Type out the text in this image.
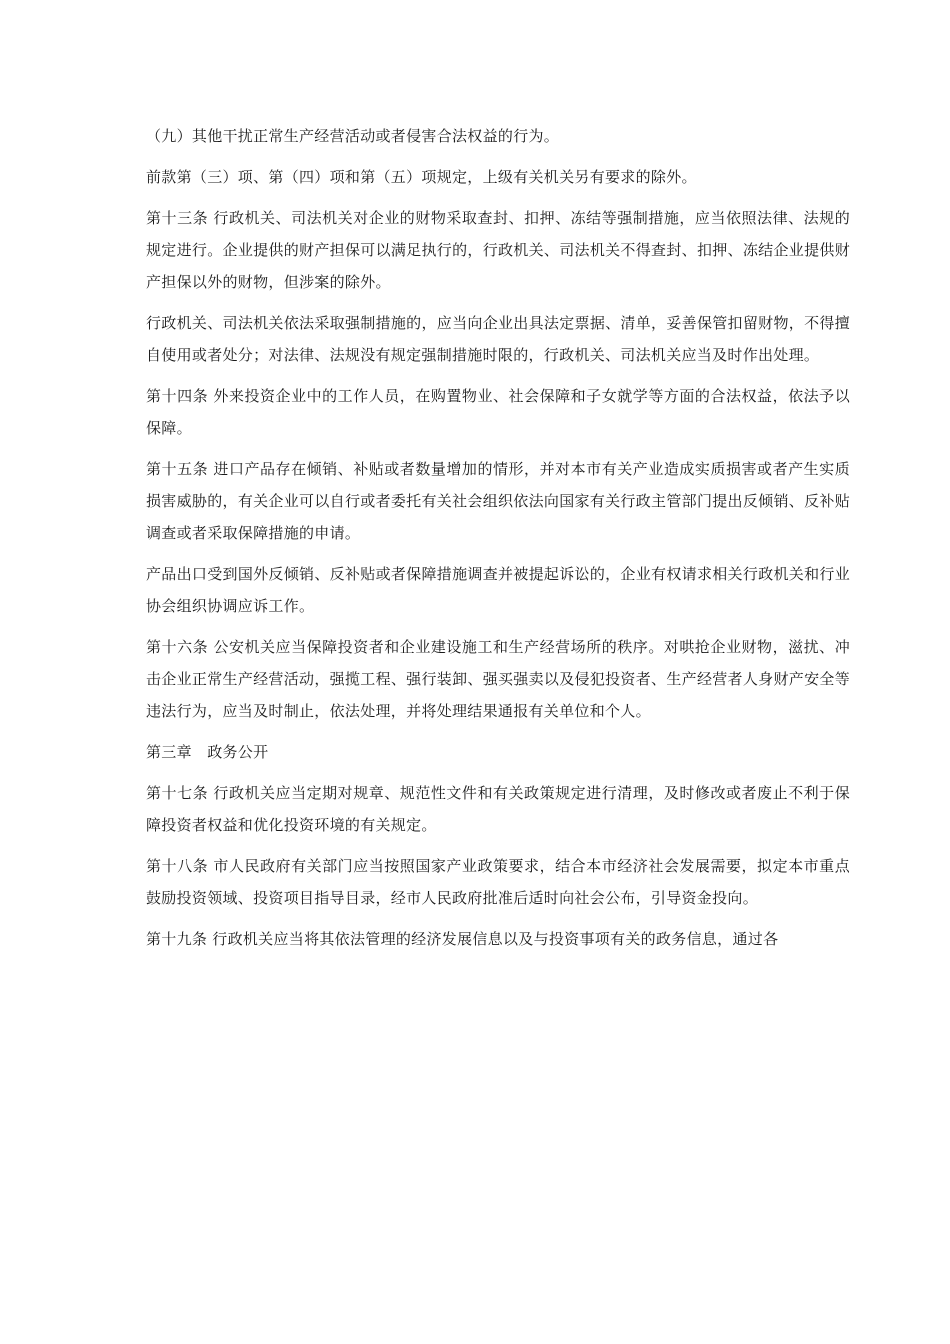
（九）其他干扰正常生产经营活动或者侵害合法权益的行为。

前款第（三）项、第（四）项和第（五）项规定，上级有关机关另有要求的除外。

第十三条 行政机关、司法机关对企业的财物采取查封、扣押、冻结等强制措施，应当依照法律、法规的规定进行。企业提供的财产担保可以满足执行的，行政机关、司法机关不得查封、扣押、冻结企业提供财产担保以外的财物，但涉案的除外。

行政机关、司法机关依法采取强制措施的，应当向企业出具法定票据、清单，妥善保管扣留财物，不得擅自使用或者处分；对法律、法规没有规定强制措施时限的，行政机关、司法机关应当及时作出处理。

第十四条 外来投资企业中的工作人员，在购置物业、社会保障和子女就学等方面的合法权益，依法予以保障。

第十五条 进口产品存在倾销、补贴或者数量增加的情形，并对本市有关产业造成实质损害或者产生实质损害威胁的，有关企业可以自行或者委托有关社会组织依法向国家有关行政主管部门提出反倾销、反补贴调查或者采取保障措施的申请。

产品出口受到国外反倾销、反补贴或者保障措施调查并被提起诉讼的，企业有权请求相关行政机关和行业协会组织协调应诉工作。

第十六条 公安机关应当保障投资者和企业建设施工和生产经营场所的秩序。对哄抢企业财物，滋扰、冲击企业正常生产经营活动，强揽工程、强行装卸、强买强卖以及侵犯投资者、生产经营者人身财产安全等违法行为，应当及时制止，依法处理，并将处理结果通报有关单位和个人。

第三章　政务公开

第十七条 行政机关应当定期对规章、规范性文件和有关政策规定进行清理，及时修改或者废止不利于保障投资者权益和优化投资环境的有关规定。

第十八条 市人民政府有关部门应当按照国家产业政策要求，结合本市经济社会发展需要，拟定本市重点鼓励投资领域、投资项目指导目录，经市人民政府批准后适时向社会公布，引导资金投向。

第十九条 行政机关应当将其依法管理的经济发展信息以及与投资事项有关的政务信息，通过各
